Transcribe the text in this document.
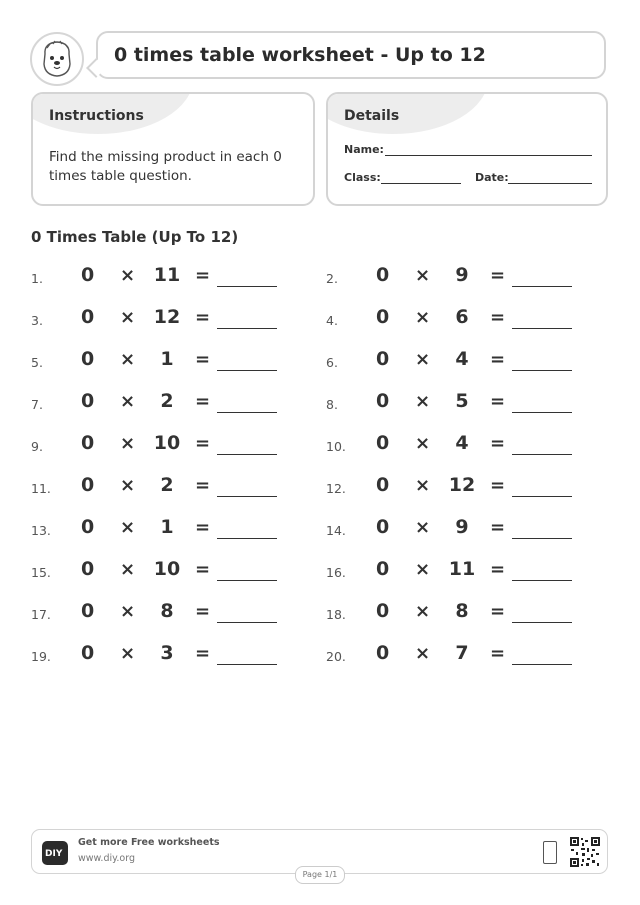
0 times table worksheet - Up to 12
Instructions
Find the missing product in each 0 times table question.
Details
Name:
Class:	Date:
0 Times Table (Up To 12)
1. 0 × 11 =	2. 0 ×	9	=
3. 0 × 12 =	4. 0 ×	6	=
5. 0 ×	1	=	6. 0 ×	4	=
7. 0 ×	2	=	8. 0 ×	5	=
9. 0 × 10 =	10. 0 ×	4	=
11. 0 ×	2	=	12. 0 × 12 =
13. 0 ×	1	=	14. 0 ×	9	=
15. 0 × 10 =	16. 0 × 11 =
17. 0 ×	8	=	18. 0 ×	8	=
19. 0 ×	3	=	20. 0 ×	7	=
DIY
Get more Free worksheets
www.diy.org
Page 1/1
